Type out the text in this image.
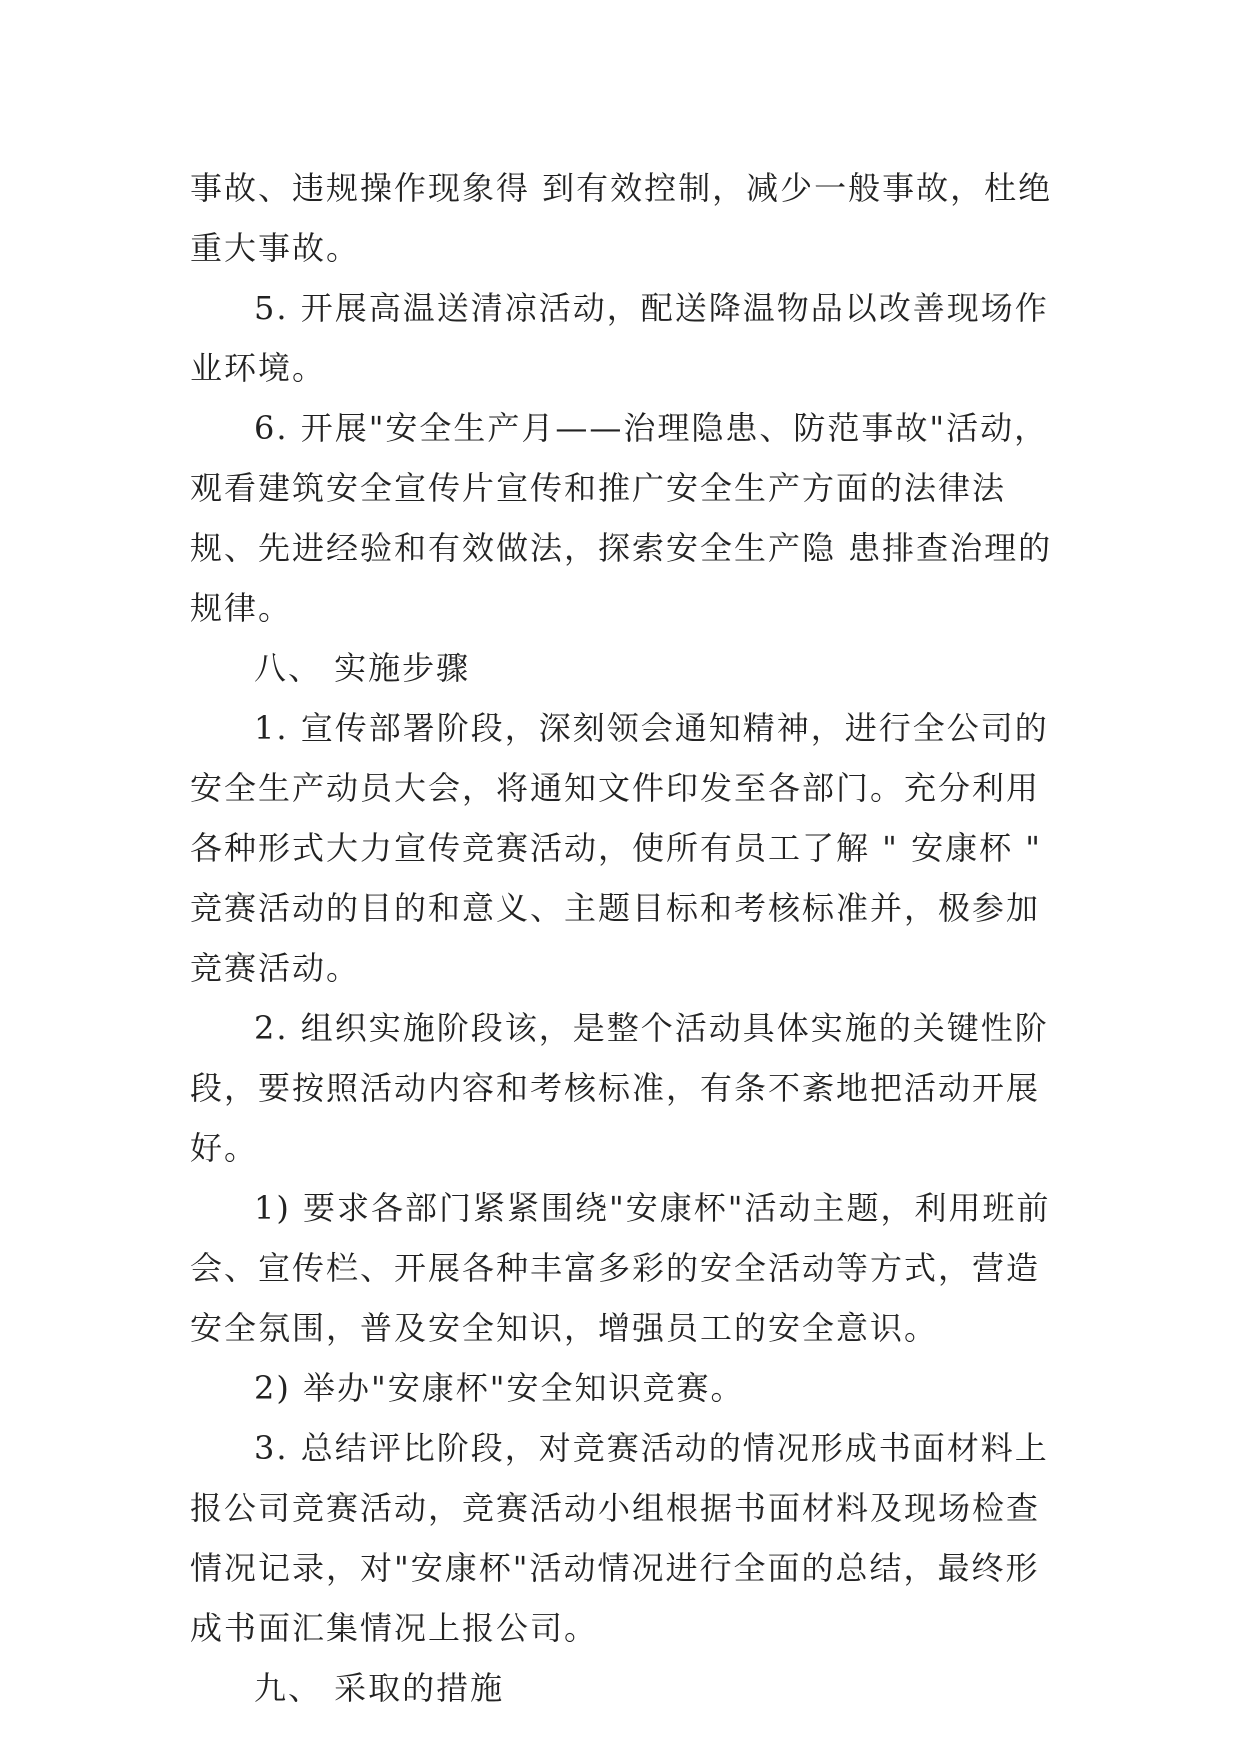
事故、违规操作现象得 到有效控制，减少一般事故，杜绝重大事故。

5. 开展高温送清凉活动，配送降温物品以改善现场作业环境。

6. 开展"安全生产月——治理隐患、防范事故"活动，观看建筑安全宣传片宣传和推广安全生产方面的法律法规、先进经验和有效做法，探索安全生产隐 患排查治理的规律。

八、 实施步骤

1. 宣传部署阶段，深刻领会通知精神，进行全公司的安全生产动员大会，将通知文件印发至各部门。充分利用各种形式大力宣传竞赛活动，使所有员工了解 " 安康杯 " 竞赛活动的目的和意义、主题目标和考核标准并，极参加竞赛活动。

2. 组织实施阶段该，是整个活动具体实施的关键性阶段，要按照活动内容和考核标准，有条不紊地把活动开展好。

1) 要求各部门紧紧围绕"安康杯"活动主题，利用班前会、宣传栏、开展各种丰富多彩的安全活动等方式，营造安全氛围，普及安全知识，增强员工的安全意识。

2) 举办"安康杯"安全知识竞赛。

3. 总结评比阶段，对竞赛活动的情况形成书面材料上报公司竞赛活动，竞赛活动小组根据书面材料及现场检查情况记录，对"安康杯"活动情况进行全面的总结，最终形成书面汇集情况上报公司。

九、 采取的措施
